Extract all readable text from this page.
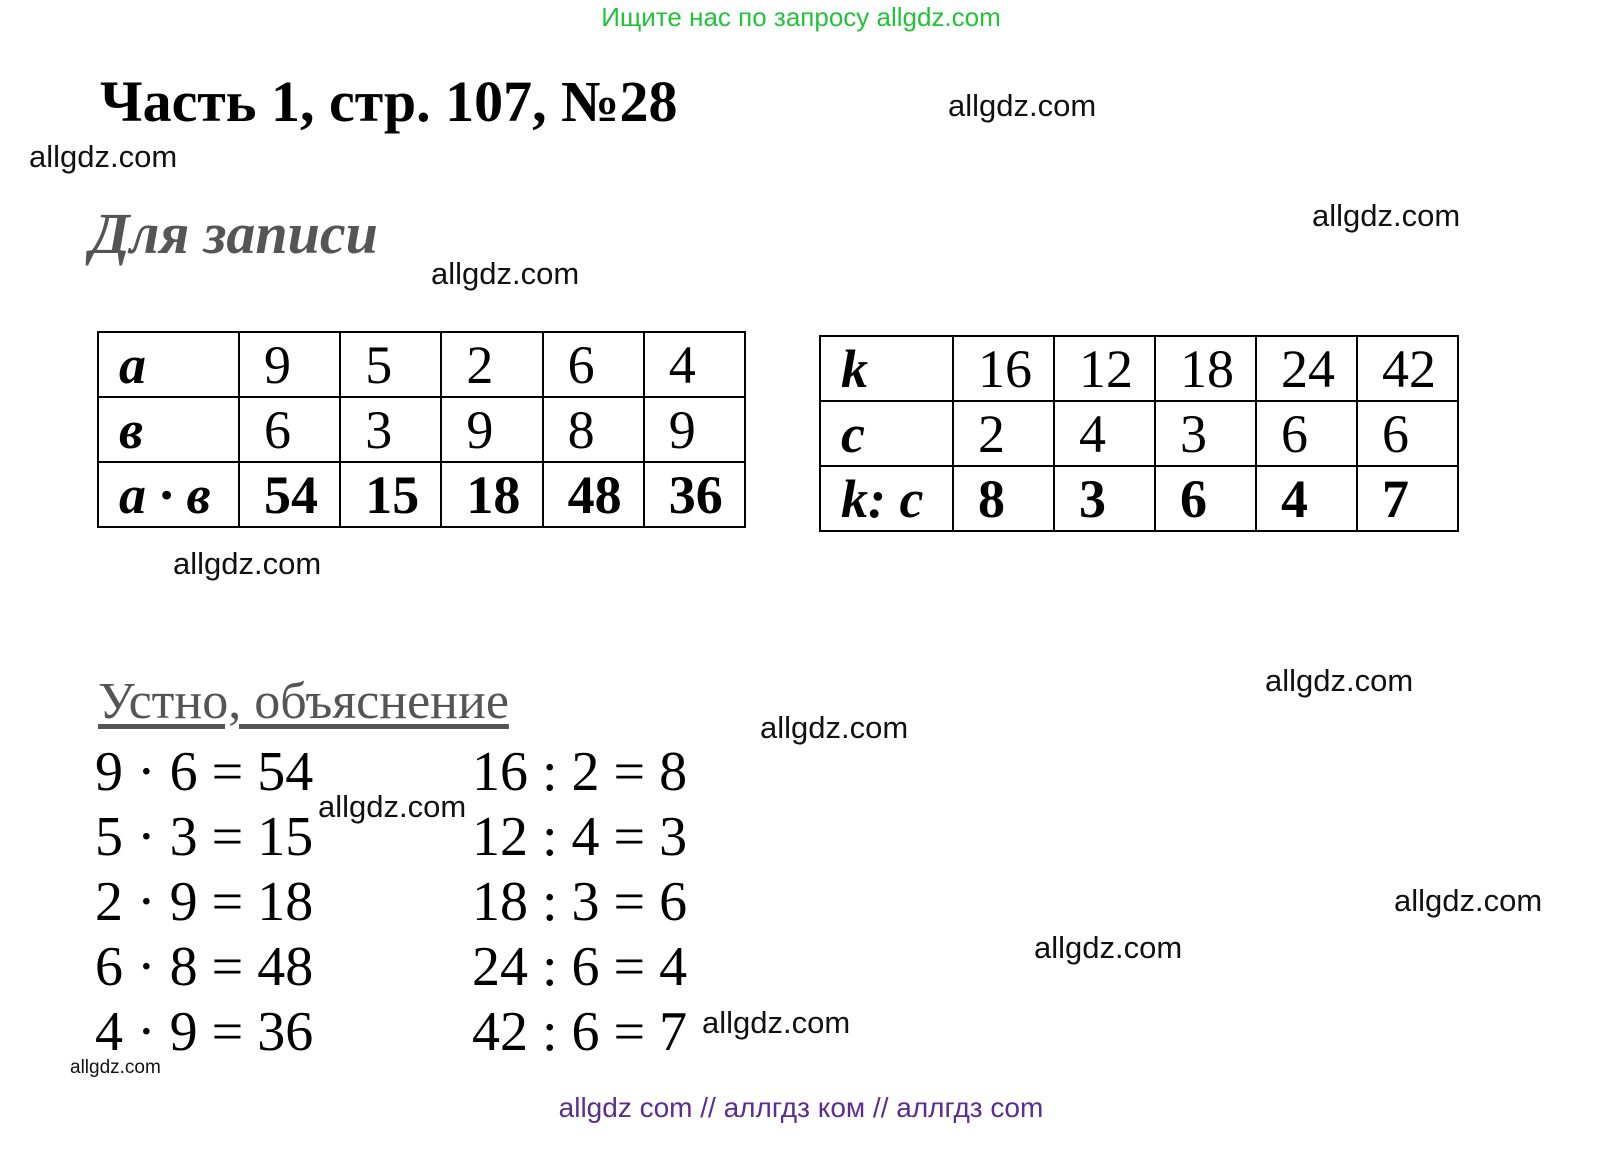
Ищите нас по запросу allgdz.com
Часть 1, стр. 107, №28
Для записи
a	9	5	2	6	4
в	6	3	9	8	9
a · в	54	15	18	48	36
k	16	12	18	24	42
c	2	4	3	6	6
k: c	8	3	6	4	7
Устно, объяснение
9 · 6 = 54
5 · 3 = 15
2 · 9 = 18
6 · 8 = 48
4 · 9 = 36
16 : 2 = 8
12 : 4 = 3
18 : 3 = 6
24 : 6 = 4
42 : 6 = 7
allgdz.com
allgdz.com
allgdz.com
allgdz.com
allgdz.com
allgdz.com
allgdz.com
allgdz.com
allgdz.com
allgdz.com
allgdz.com
allgdz.com
allgdz com // аллгдз ком // аллгдз com
